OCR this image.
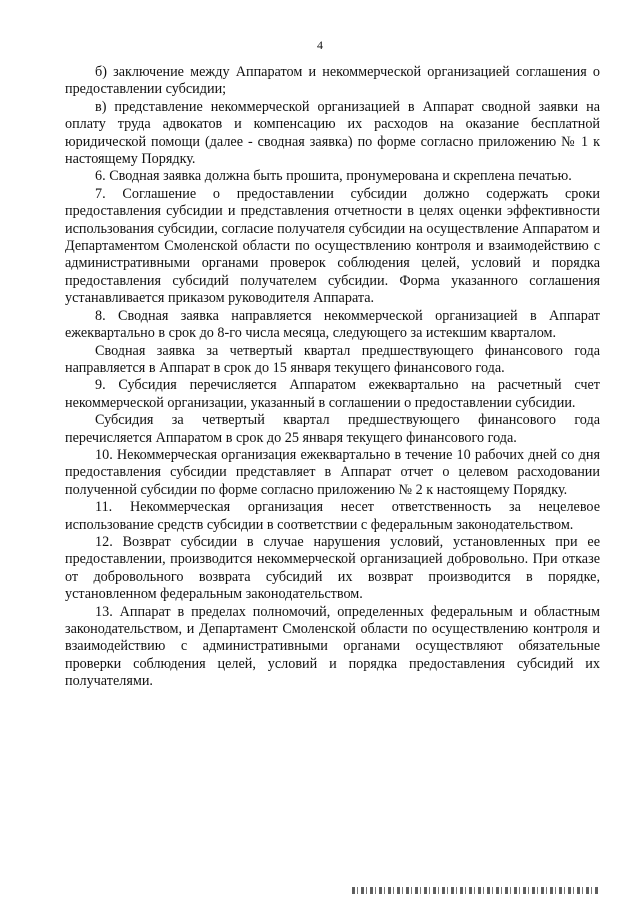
4

б) заключение между Аппаратом и некоммерческой организацией соглашения о предоставлении субсидии;

в) представление некоммерческой организацией в Аппарат сводной заявки на оплату труда адвокатов и компенсацию их расходов на оказание бесплатной юридической помощи (далее - сводная заявка) по форме согласно приложению № 1 к настоящему Порядку.

6. Сводная заявка должна быть прошита, пронумерована и скреплена печатью.

7. Соглашение о предоставлении субсидии должно содержать сроки предоставления субсидии и представления отчетности в целях оценки эффективности использования субсидии, согласие получателя субсидии на осуществление Аппаратом и Департаментом Смоленской области по осуществлению контроля и взаимодействию с административными органами проверок соблюдения целей, условий и порядка предоставления субсидий получателем субсидии. Форма указанного соглашения устанавливается приказом руководителя Аппарата.

8. Сводная заявка направляется некоммерческой организацией в Аппарат ежеквартально в срок до 8-го числа месяца, следующего за истекшим кварталом.

Сводная заявка за четвертый квартал предшествующего финансового года направляется в Аппарат в срок до 15 января текущего финансового года.

9. Субсидия перечисляется Аппаратом ежеквартально на расчетный счет некоммерческой организации, указанный в соглашении о предоставлении субсидии.

Субсидия за четвертый квартал предшествующего финансового года перечисляется Аппаратом в срок до 25 января текущего финансового года.

10. Некоммерческая организация ежеквартально в течение 10 рабочих дней со дня предоставления субсидии представляет в Аппарат отчет о целевом расходовании полученной субсидии по форме согласно приложению № 2 к настоящему Порядку.

11. Некоммерческая организация несет ответственность за нецелевое использование средств субсидии в соответствии с федеральным законодательством.

12. Возврат субсидии в случае нарушения условий, установленных при ее предоставлении, производится некоммерческой организацией добровольно. При отказе от добровольного возврата субсидий их возврат производится в порядке, установленном федеральным законодательством.

13. Аппарат в пределах полномочий, определенных федеральным и областным законодательством, и Департамент Смоленской области по осуществлению контроля и взаимодействию с административными органами осуществляют обязательные проверки соблюдения целей, условий и порядка предоставления субсидий их получателями.
